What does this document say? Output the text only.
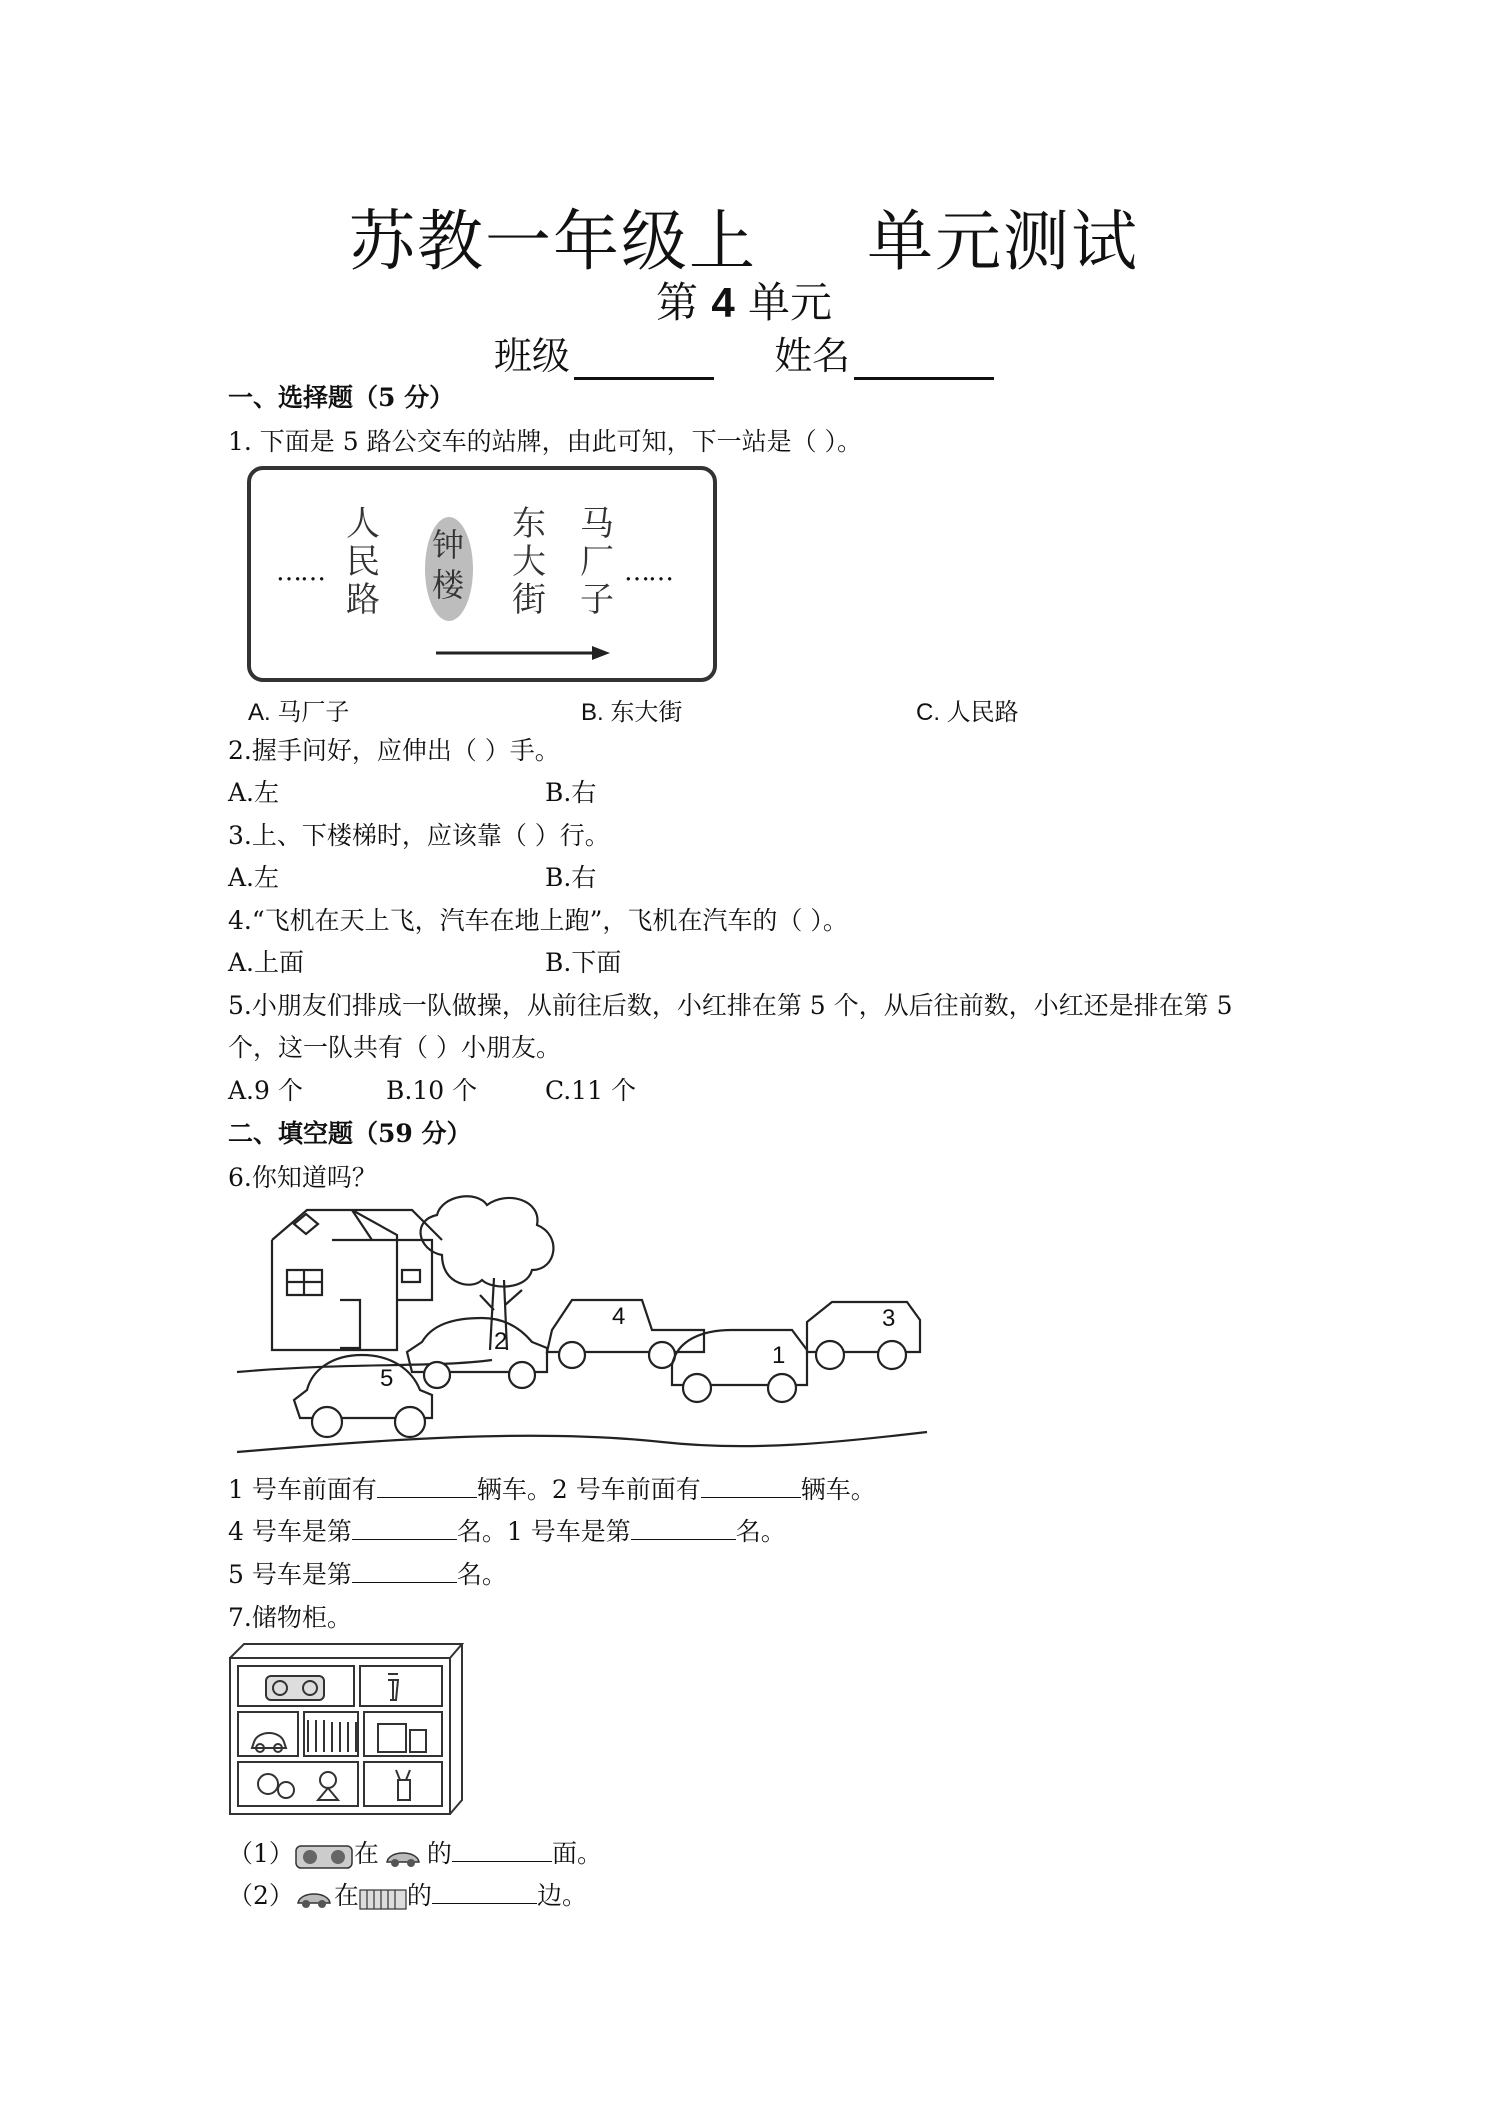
苏教一年级上 单元测试
第 4 单元
班级	姓名
一、选择题（5 分）
1. 下面是 5 路公交车的站牌，由此可知，下一站是（ ）。
……
人民路
钟楼
东大街
马厂子
……
A. 马厂子	B. 东大街	C. 人民路
2.握手问好，应伸出（ ）手。
A.左	B.右
3.上、下楼梯时，应该靠（ ）行。
A.左	B.右
4.“飞机在天上飞，汽车在地上跑”，飞机在汽车的（ ）。
A.上面	B.下面
5.小朋友们排成一队做操，从前往后数，小红排在第 5 个，从后往前数，小红还是排在第 5
个，这一队共有（ ）小朋友。
A.9 个	B.10 个	C.11 个
二、填空题（59 分）
6.你知道吗？
4
2
5
1
3
1 号车前面有	辆车。2 号车前面有	辆车。
4 号车是第	名。1 号车是第	名。
5 号车是第	名。
7.储物柜。
（1） 在 的	面。
（2） 在 的	边。
